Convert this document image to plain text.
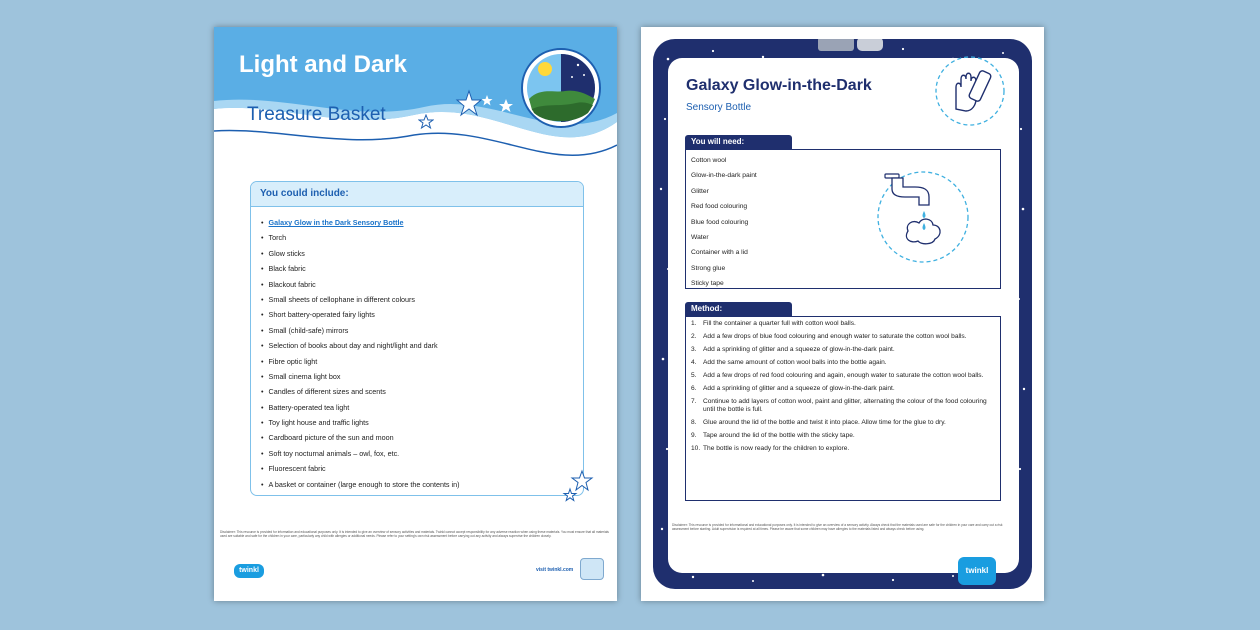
Light and Dark
Treasure Basket
You could include:
• Galaxy Glow in the Dark Sensory Bottle
• Torch
• Glow sticks
• Black fabric
• Blackout fabric
• Small sheets of cellophane in different colours
• Short battery-operated fairy lights
• Small (child-safe) mirrors
• Selection of books about day and night/light and dark
• Fibre optic light
• Small cinema light box
• Candles of different sizes and scents
• Battery-operated tea light
• Toy light house and traffic lights
• Cardboard picture of the sun and moon
• Soft toy nocturnal animals – owl, fox, etc.
• Fluorescent fabric
• A basket or container (large enough to store the contents in)
Disclaimer: This resource is provided for information and educational purposes only. It is intended to give an overview of sensory activities and materials. Twinkl cannot accept responsibility for any adverse reaction when using these materials. You must ensure that all materials used are suitable and safe for the children in your care, particularly any child with allergies or additional needs. Please refer to your setting's own risk assessment before carrying out any activity and always supervise the children closely.
twinkl	visit twinkl.com
Galaxy Glow-in-the-Dark
Sensory Bottle
You will need:
Cotton wool
Glow-in-the-dark paint
Glitter
Red food colouring
Blue food colouring
Water
Container with a lid
Strong glue
Sticky tape
Method:
1. Fill the container a quarter full with cotton wool balls.
2. Add a few drops of blue food colouring and enough water to saturate the cotton wool balls.
3. Add a sprinkling of glitter and a squeeze of glow-in-the-dark paint.
4. Add the same amount of cotton wool balls into the bottle again.
5. Add a few drops of red food colouring and again, enough water to saturate the cotton wool balls.
6. Add a sprinkling of glitter and a squeeze of glow-in-the-dark paint.
7. Continue to add layers of cotton wool, paint and glitter, alternating the colour of the food colouring until the bottle is full.
8. Glue around the lid of the bottle and twist it into place. Allow time for the glue to dry.
9. Tape around the lid of the bottle with the sticky tape.
10. The bottle is now ready for the children to explore.
Disclaimer: This resource is provided for informational and educational purposes only. It is intended to give an overview of a sensory activity. Always check that the materials used are safe for the children in your care and carry out a risk assessment before starting. Adult supervision is required at all times. Please be aware that some children may have allergies to the materials listed and always check before using.
twinkl
